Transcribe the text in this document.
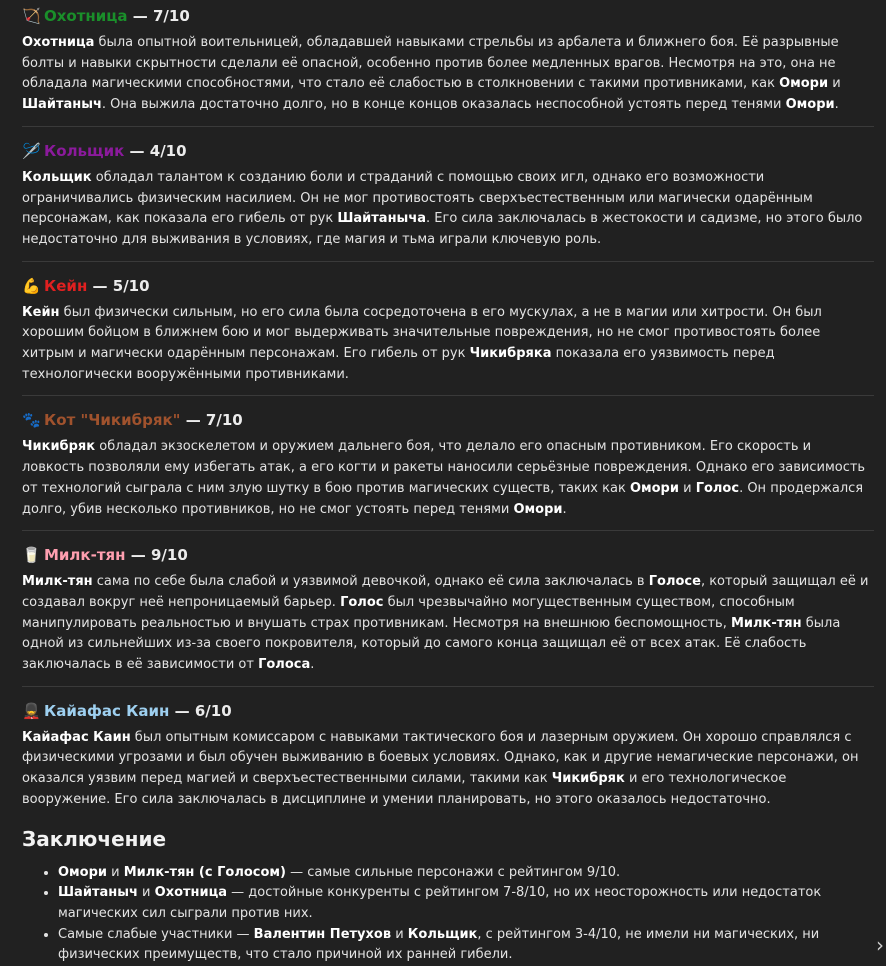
🏹 Охотница — 7/10

Охотница была опытной воительницей, обладавшей навыками стрельбы из арбалета и ближнего боя. Её разрывные болты и навыки скрытности сделали её опасной, особенно против более медленных врагов. Несмотря на это, она не обладала магическими способностями, что стало её слабостью в столкновении с такими противниками, как Омори и Шайтаныч. Она выжила достаточно долго, но в конце концов оказалась неспособной устоять перед тенями Омори.

🪡 Кольщик — 4/10

Кольщик обладал талантом к созданию боли и страданий с помощью своих игл, однако его возможности ограничивались физическим насилием. Он не мог противостоять сверхъестественным или магически одарённым персонажам, как показала его гибель от рук Шайтаныча. Его сила заключалась в жестокости и садизме, но этого было недостаточно для выживания в условиях, где магия и тьма играли ключевую роль.

💪 Кейн — 5/10

Кейн был физически сильным, но его сила была сосредоточена в его мускулах, а не в магии или хитрости. Он был хорошим бойцом в ближнем бою и мог выдерживать значительные повреждения, но не смог противостоять более хитрым и магически одарённым персонажам. Его гибель от рук Чикибряка показала его уязвимость перед технологически вооружёнными противниками.

🐾 Кот "Чикибряк" — 7/10

Чикибряк обладал экзоскелетом и оружием дальнего боя, что делало его опасным противником. Его скорость и ловкость позволяли ему избегать атак, а его когти и ракеты наносили серьёзные повреждения. Однако его зависимость от технологий сыграла с ним злую шутку в бою против магических существ, таких как Омори и Голос. Он продержался долго, убив несколько противников, но не смог устоять перед тенями Омори.

🥛 Милк-тян — 9/10

Милк-тян сама по себе была слабой и уязвимой девочкой, однако её сила заключалась в Голосе, который защищал её и создавал вокруг неё непроницаемый барьер. Голос был чрезвычайно могущественным существом, способным манипулировать реальностью и внушать страх противникам. Несмотря на внешнюю беспомощность, Милк-тян была одной из сильнейших из-за своего покровителя, который до самого конца защищал её от всех атак. Её слабость заключалась в её зависимости от Голоса.

💂 Кайафас Каин — 6/10

Кайафас Каин был опытным комиссаром с навыками тактического боя и лазерным оружием. Он хорошо справлялся с физическими угрозами и был обучен выживанию в боевых условиях. Однако, как и другие немагические персонажи, он оказался уязвим перед магией и сверхъестественными силами, такими как Чикибряк и его технологическое вооружение. Его сила заключалась в дисциплине и умении планировать, но этого оказалось недостаточно.

Заключение
• Омори и Милк-тян (с Голосом) — самые сильные персонажи с рейтингом 9/10.
• Шайтаныч и Охотница — достойные конкуренты с рейтингом 7-8/10, но их неосторожность или недостаток магических сил сыграли против них.
• Самые слабые участники — Валентин Петухов и Кольщик, с рейтингом 3-4/10, не имели ни магических, ни физических преимуществ, что стало причиной их ранней гибели.	›
